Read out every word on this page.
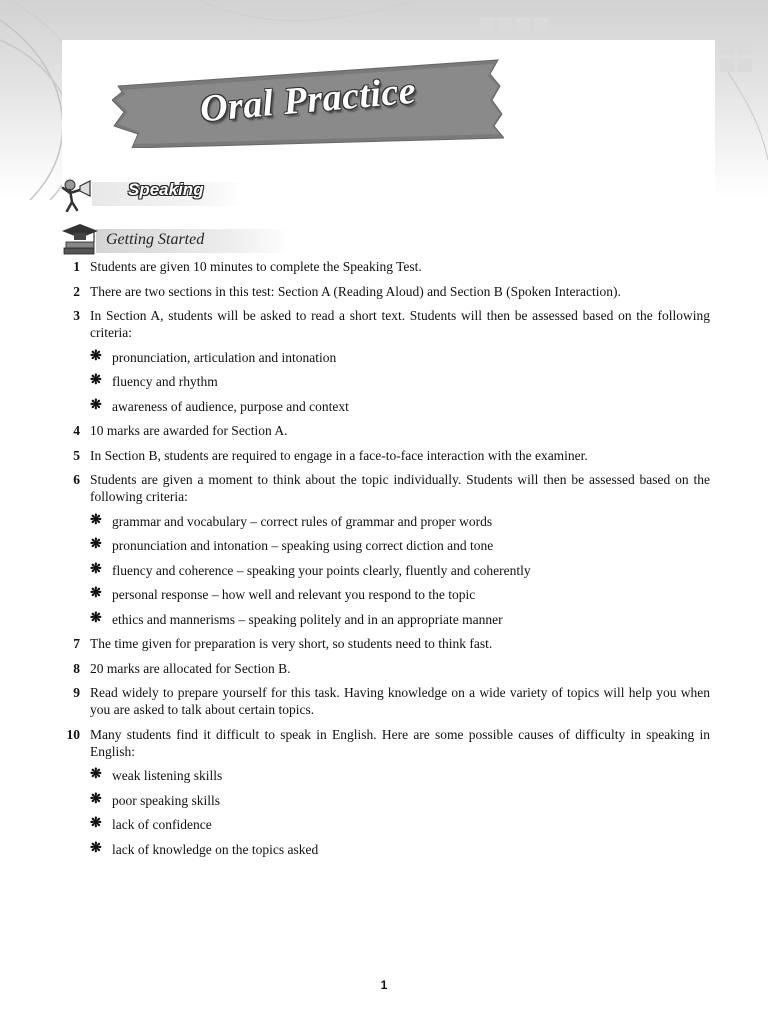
Oral Practice
Speaking
Getting Started
1 Students are given 10 minutes to complete the Speaking Test.
2 There are two sections in this test: Section A (Reading Aloud) and Section B (Spoken Interaction).
3 In Section A, students will be asked to read a short text. Students will then be assessed based on the following criteria:
❋ pronunciation, articulation and intonation
❋ fluency and rhythm
❋ awareness of audience, purpose and context
4 10 marks are awarded for Section A.
5 In Section B, students are required to engage in a face-to-face interaction with the examiner.
6 Students are given a moment to think about the topic individually. Students will then be assessed based on the following criteria:
❋ grammar and vocabulary – correct rules of grammar and proper words
❋ pronunciation and intonation – speaking using correct diction and tone
❋ fluency and coherence – speaking your points clearly, fluently and coherently
❋ personal response – how well and relevant you respond to the topic
❋ ethics and mannerisms – speaking politely and in an appropriate manner
7 The time given for preparation is very short, so students need to think fast.
8 20 marks are allocated for Section B.
9 Read widely to prepare yourself for this task. Having knowledge on a wide variety of topics will help you when you are asked to talk about certain topics.
10 Many students find it difficult to speak in English. Here are some possible causes of difficulty in speaking in English:
❋ weak listening skills
❋ poor speaking skills
❋ lack of confidence
❋ lack of knowledge on the topics asked
1
